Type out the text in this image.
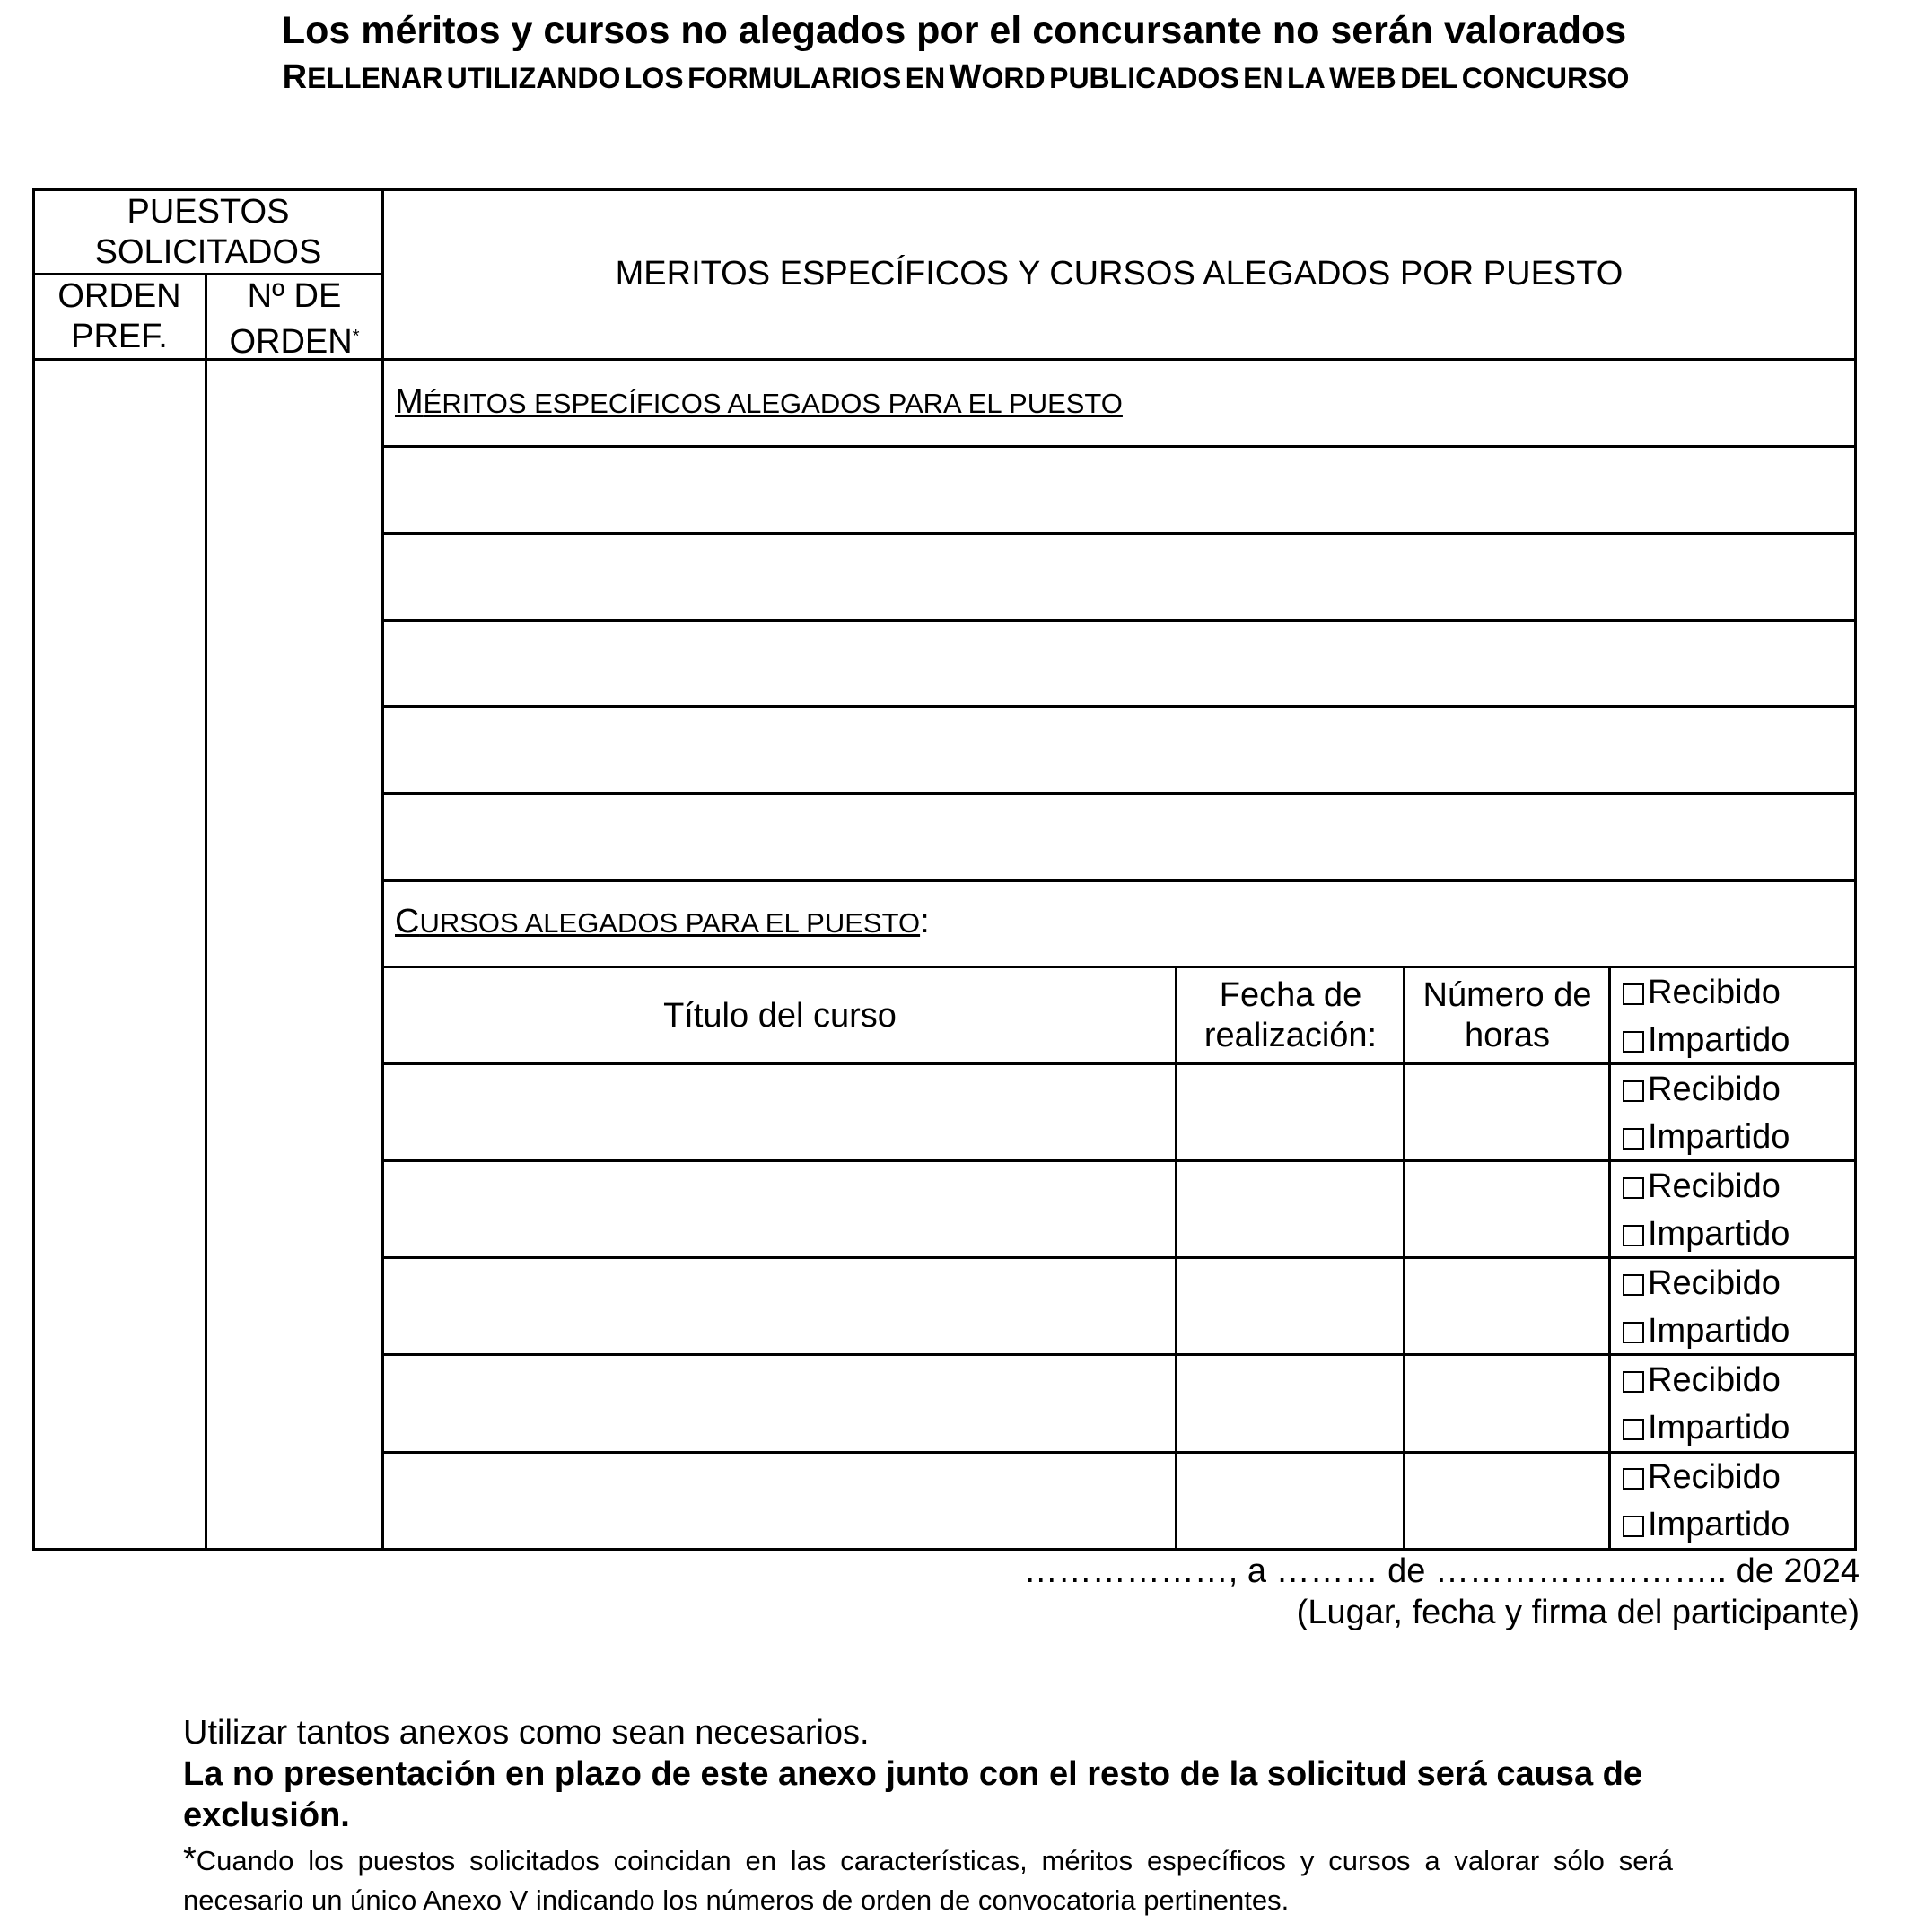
Los méritos y cursos no alegados por el concursante no serán valorados
RELLENAR UTILIZANDO LOS FORMULARIOS EN WORD PUBLICADOS EN LA WEB DEL CONCURSO
PUESTOS
SOLICITADOS
ORDEN
PREF.
Nº DE
ORDEN*
MERITOS ESPECÍFICOS Y CURSOS ALEGADOS POR PUESTO
MÉRITOS ESPECÍFICOS ALEGADOS PARA EL PUESTO
CURSOS ALEGADOS PARA EL PUESTO:
Título del curso
Fecha de
realización:
Número de
horas
Recibido
Impartido
Recibido
Impartido
Recibido
Impartido
Recibido
Impartido
Recibido
Impartido
Recibido
Impartido
………………, a ……… de …………………….. de 2024
(Lugar, fecha y firma del participante)
Utilizar tantos anexos como sean necesarios.
La no presentación en plazo de este anexo junto con el resto de la solicitud será causa de exclusión.
*Cuando los puestos solicitados coincidan en las características, méritos específicos y cursos a valorar sólo será necesario un único Anexo V indicando los números de orden de convocatoria pertinentes.
